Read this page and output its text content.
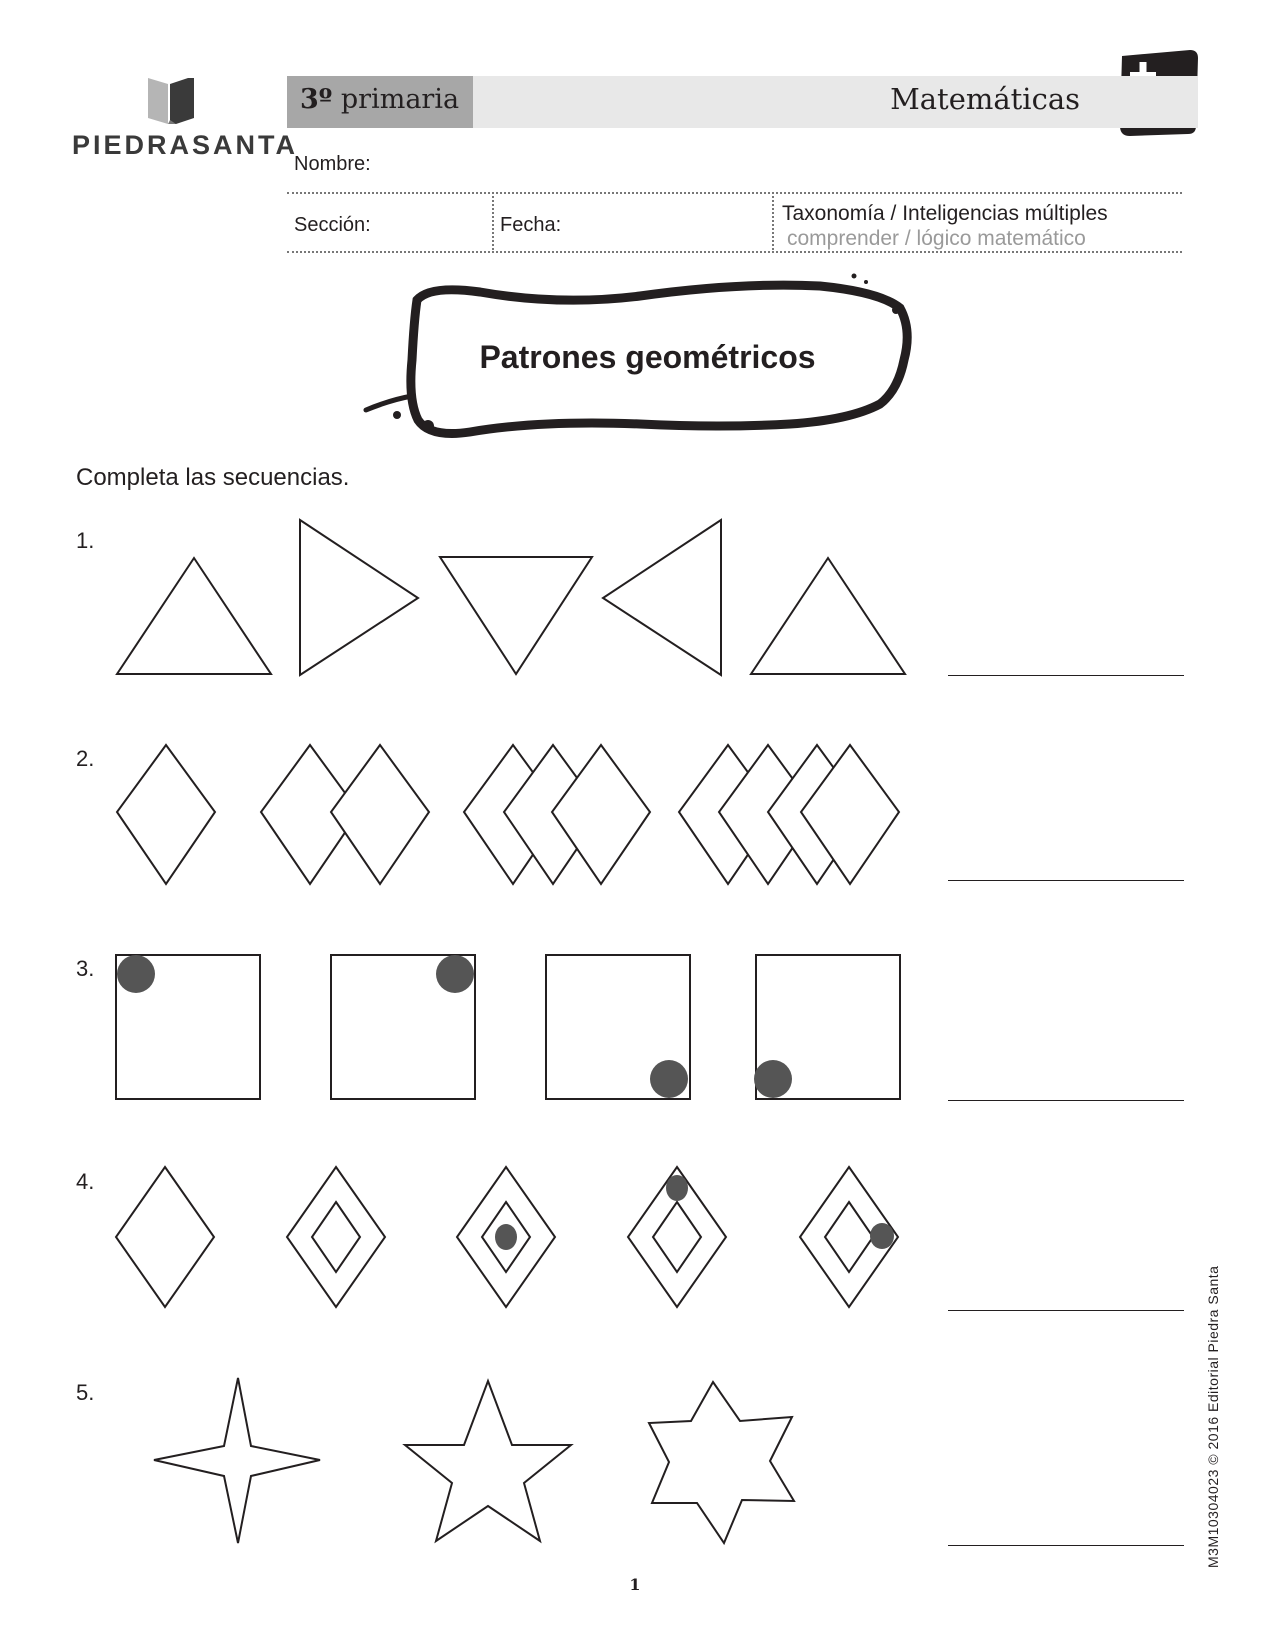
PIEDRASANTA
3º primaria	Matemáticas
Nombre:
Sección:	Fecha:	Taxonomía / Inteligencias múltiples
comprender / lógico matemático
Patrones geométricos
Completa las secuencias.
1.
2.
3.
4.
5.	M3M10304023 © 2016 Editorial Piedra Santa
1
